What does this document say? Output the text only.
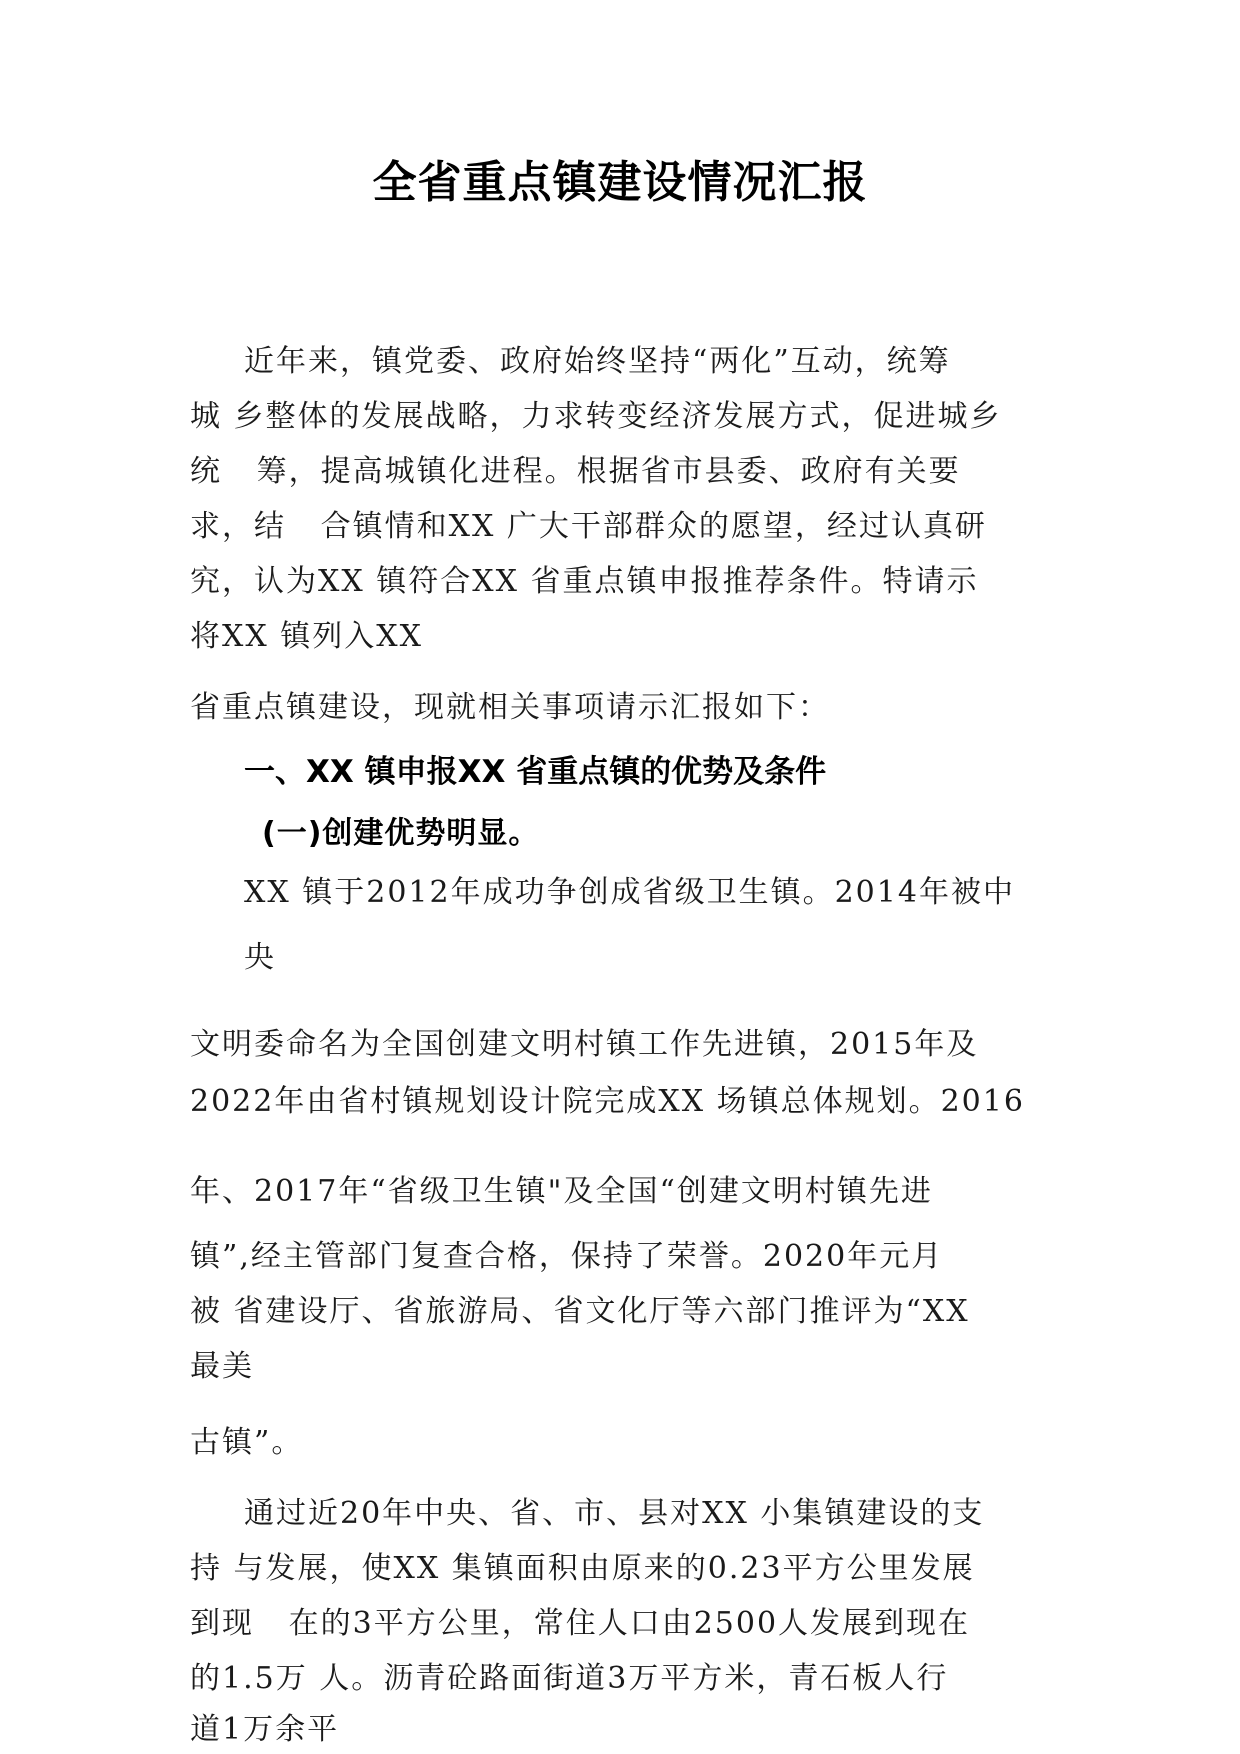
全省重点镇建设情况汇报
近年来，镇党委、政府始终坚持“两化”互动，统筹
城 乡整体的发展战略，力求转变经济发展方式，促进城乡
统   筹，提高城镇化进程。根据省市县委、政府有关要
求，结   合镇情和XX 广大干部群众的愿望，经过认真研
究，认为XX 镇符合XX 省重点镇申报推荐条件。特请示
将XX 镇列入XX
省重点镇建设，现就相关事项请示汇报如下：
一、XX 镇申报XX 省重点镇的优势及条件
(一)创建优势明显。
XX 镇于2012年成功争创成省级卫生镇。2014年被中
央
文明委命名为全国创建文明村镇工作先进镇，2015年及
2022年由省村镇规划设计院完成XX 场镇总体规划。2016
年、2017年“省级卫生镇"及全国“创建文明村镇先进
镇”,经主管部门复查合格，保持了荣誉。2020年元月
被 省建设厅、省旅游局、省文化厅等六部门推评为“XX
最美
古镇”。
通过近20年中央、省、市、县对XX 小集镇建设的支
持 与发展，使XX 集镇面积由原来的0.23平方公里发展
到现   在的3平方公里，常住人口由2500人发展到现在
的1.5万 人。沥青砼路面街道3万平方米，青石板人行
道1万余平
